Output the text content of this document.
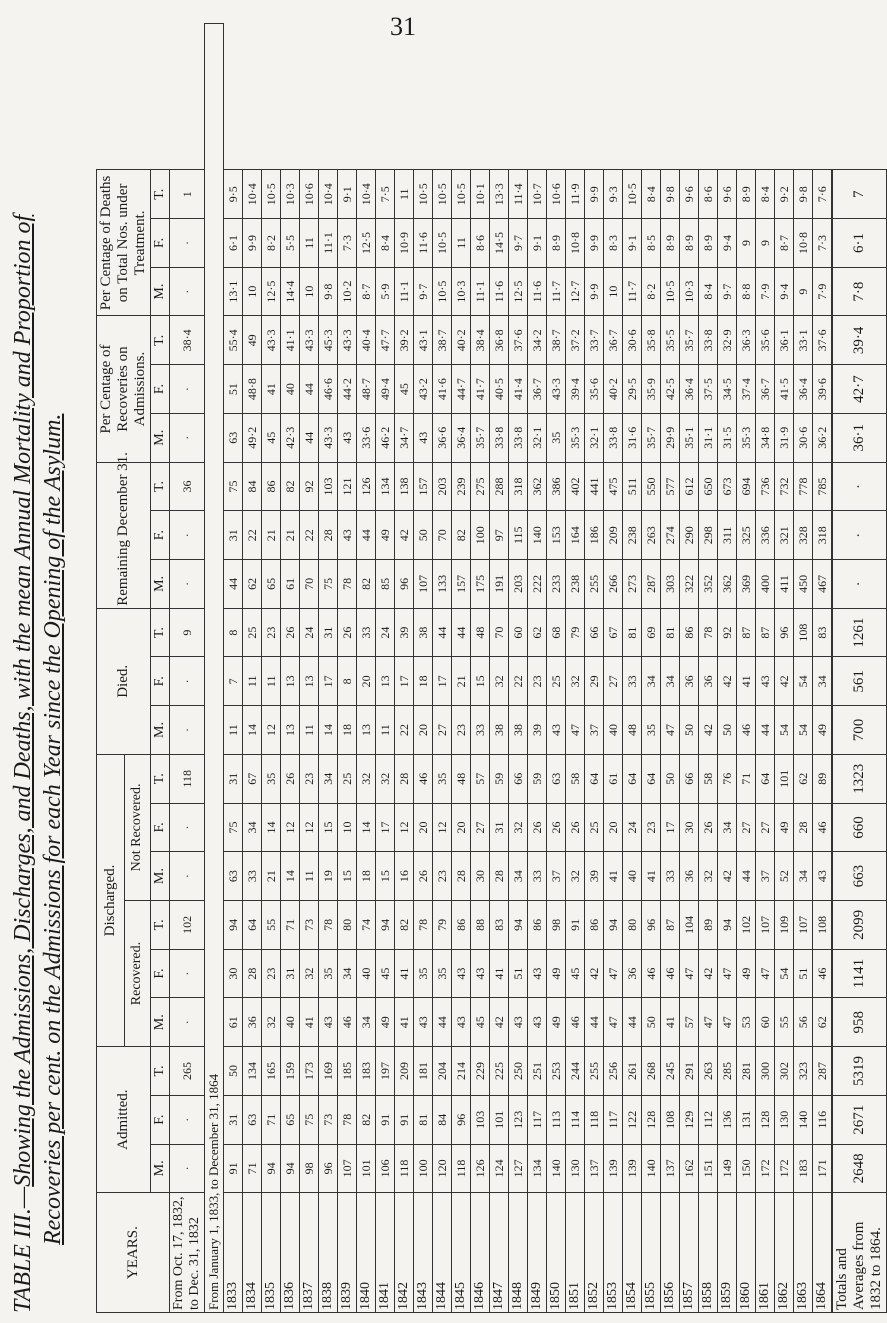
31
TABLE III.—Showing the Admissions, Discharges, and Deaths, with the mean Annual Mortality and Proportion of Recoveries per cent. on the Admissions for each Year since the Opening of the Asylum.
YEARS.	Admitted.			Discharged.						Died.			Remaining December 31.			Per Centage of Recoveries on Admissions.			Per Centage of Deaths on Total Nos. under Treatment.		
				Recovered.			Not Recovered.														
	M.	F.	T.	M.	F.	T.	M.	F.	T.	M.	F.	T.	M.	F.	T.	M.	F.	T.	M.	F.	T.
From Oct. 17, 1832, to Dec. 31, 1832	·	·	265	·	·	102	·	·	118	·	·	9	·	·	36	·	·	38·4	·	·	1
From January 1, 1833, to December 31, 1864																					
1833	91	31	50	61	30	94	63	75	31	11	7	8	44	31	75	63	51	55·4	13·1	6·1	9·5
1834	71	63	134	36	28	64	33	34	67	14	11	25	62	22	84	49·2	48·8	49	10	9·9	10·4
1835	94	71	165	32	23	55	21	14	35	12	11	23	65	21	86	45	41	43·3	12·5	8·2	10·5
1836	94	65	159	40	31	71	14	12	26	13	13	26	61	21	82	42·3	40	41·1	14·4	5·5	10·3
1837	98	75	173	41	32	73	11	12	23	11	13	24	70	22	92	44	44	43·3	10	11	10·6
1838	96	73	169	43	35	78	19	15	34	14	17	31	75	28	103	43·3	46·6	45·3	9·8	11·1	10·4
1839	107	78	185	46	34	80	15	10	25	18	8	26	78	43	121	43	44·2	43·3	10·2	7·3	9·1
1840	101	82	183	34	40	74	18	14	32	13	20	33	82	44	126	33·6	48·7	40·4	8·7	12·5	10·4
1841	106	91	197	49	45	94	15	17	32	11	13	24	85	49	134	46·2	49·4	47·7	5·9	8·4	7·5
1842	118	91	209	41	41	82	16	12	28	22	17	39	96	42	138	34·7	45	39·2	11·1	10·9	11
1843	100	81	181	43	35	78	26	20	46	20	18	38	107	50	157	43	43·2	43·1	9·7	11·6	10·5
1844	120	84	204	44	35	79	23	12	35	27	17	44	133	70	203	36·6	41·6	38·7	10·5	10·5	10·5
1845	118	96	214	43	43	86	28	20	48	23	21	44	157	82	239	36·4	44·7	40·2	10·3	11	10·5
1846	126	103	229	45	43	88	30	27	57	33	15	48	175	100	275	35·7	41·7	38·4	11·1	8·6	10·1
1847	124	101	225	42	41	83	28	31	59	38	32	70	191	97	288	33·8	40·5	36·8	11·6	14·5	13·3
1848	127	123	250	43	51	94	34	32	66	38	22	60	203	115	318	33·8	41·4	37·6	12·5	9·7	11·4
1849	134	117	251	43	43	86	33	26	59	39	23	62	222	140	362	32·1	36·7	34·2	11·6	9·1	10·7
1850	140	113	253	49	49	98	37	26	63	43	25	68	233	153	386	35	43·3	38·7	11·7	8·9	10·6
1851	130	114	244	46	45	91	32	26	58	47	32	79	238	164	402	35·3	39·4	37·2	12·7	10·8	11·9
1852	137	118	255	44	42	86	39	25	64	37	29	66	255	186	441	32·1	35·6	33·7	9·9	9·9	9·9
1853	139	117	256	47	47	94	41	20	61	40	27	67	266	209	475	33·8	40·2	36·7	10	8·3	9·3
1854	139	122	261	44	36	80	40	24	64	48	33	81	273	238	511	31·6	29·5	30·6	11·7	9·1	10·5
1855	140	128	268	50	46	96	41	23	64	35	34	69	287	263	550	35·7	35·9	35·8	8·2	8·5	8·4
1856	137	108	245	41	46	87	33	17	50	47	34	81	303	274	577	29·9	42·5	35·5	10·5	8·9	9·8
1857	162	129	291	57	47	104	36	30	66	50	36	86	322	290	612	35·1	36·4	35·7	10·3	8·9	9·6
1858	151	112	263	47	42	89	32	26	58	42	36	78	352	298	650	31·1	37·5	33·8	8·4	8·9	8·6
1859	149	136	285	47	47	94	42	34	76	50	42	92	362	311	673	31·5	34·5	32·9	9·7	9·4	9·6
1860	150	131	281	53	49	102	44	27	71	46	41	87	369	325	694	35·3	37·4	36·3	8·8	9	8·9
1861	172	128	300	60	47	107	37	27	64	44	43	87	400	336	736	34·8	36·7	35·6	7·9	9	8·4
1862	172	130	302	55	54	109	52	49	101	54	42	96	411	321	732	31·9	41·5	36·1	9·4	8·7	9·2
1863	183	140	323	56	51	107	34	28	62	54	54	108	450	328	778	30·6	36·4	33·1	9	10·8	9·8
1864	171	116	287	62	46	108	43	46	89	49	34	83	467	318	785	36·2	39·6	37·6	7·9	7·3	7·6
Totals and Averages from 1832 to 1864.	2648	2671	5319	958	1141	2099	663	660	1323	700	561	1261	·	·	·	36·1	42·7	39·4	7·8	6·1	7
